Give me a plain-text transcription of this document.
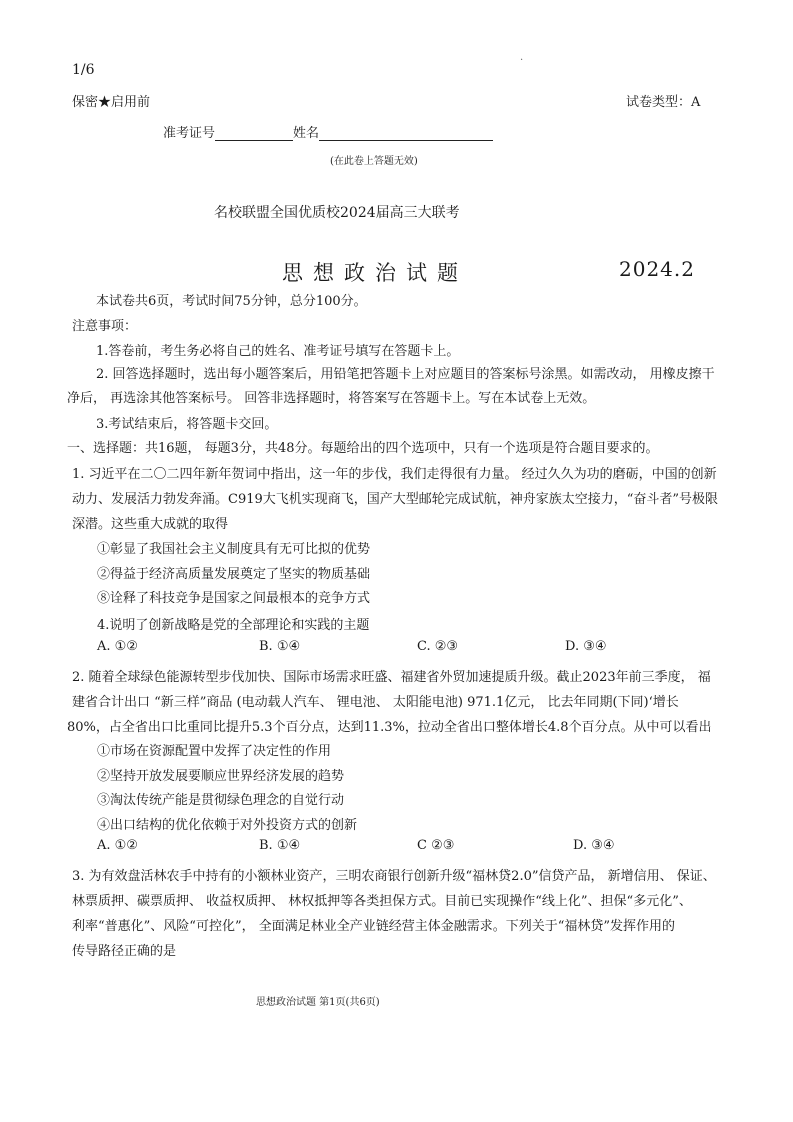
1/6
.
保密★启用前	试卷类型：A
准考证号	姓名
(在此卷上答题无效)
名校联盟全国优质校2024届高三大联考
思想政治试题	2024.2
本试卷共6页，考试时间75分钟，总分100分。
注意事项：
1.答卷前，考生务必将自己的姓名、准考证号填写在答题卡上。
2. 回答选择题时，选出每小题答案后，用铅笔把答题卡上对应题目的答案标号涂黑。如需改动， 用橡皮擦干
净后， 再选涂其他答案标号。 回答非选择题时，将答案写在答题卡上。写在本试卷上无效。
3.考试结束后，将答题卡交回。
一、选择题：共16题， 每题3分，共48分。每题给出的四个选项中，只有一个选项是符合题目要求的。
1. 习近平在二〇二四年新年贺词中指出，这一年的步伐，我们走得很有力量。 经过久久为功的磨砺，中国的创新
动力、发展活力勃发奔涌。C919大飞机实现商飞，国产大型邮轮完成试航，神舟家族太空接力，“奋斗者”号极限
深潜。这些重大成就的取得
①彰显了我国社会主义制度具有无可比拟的优势
②得益于经济高质量发展奠定了坚实的物质基础
⑧诠释了科技竞争是国家之间最根本的竞争方式
4.说明了创新战略是党的全部理论和实践的主题
A. ①②	B. ①④	C. ②③	D. ③④
2. 随着全球绿色能源转型步伐加快、国际市场需求旺盛、福建省外贸加速提质升级。截止2023年前三季度， 福
建省合计出口 “新三样”商品 (电动载人汽车、 锂电池、 太阳能电池) 971.1亿元， 比去年同期(下同)‘增长
80%，占全省出口比重同比提升5.3个百分点，达到11.3%，拉动全省出口整体增长4.8个百分点。从中可以看出
①市场在资源配置中发挥了决定性的作用
②坚持开放发展要顺应世界经济发展的趋势
③淘汰传统产能是贯彻绿色理念的自觉行动
④出口结构的优化依赖于对外投资方式的创新
A. ①②	B. ①④	C ②③	D. ③④
3. 为有效盘活林农手中持有的小额林业资产，三明农商银行创新升级“福林贷2.0”信贷产品， 新增信用、 保证、
林票质押、碳票质押、 收益权质押、 林权抵押等各类担保方式。目前已实现操作“线上化”、担保“多元化”、
利率“普惠化”、风险“可控化”， 全面满足林业全产业链经营主体金融需求。下列关于“福林贷”发挥作用的
传导路径正确的是
思想政治试题 第1页(共6页)
